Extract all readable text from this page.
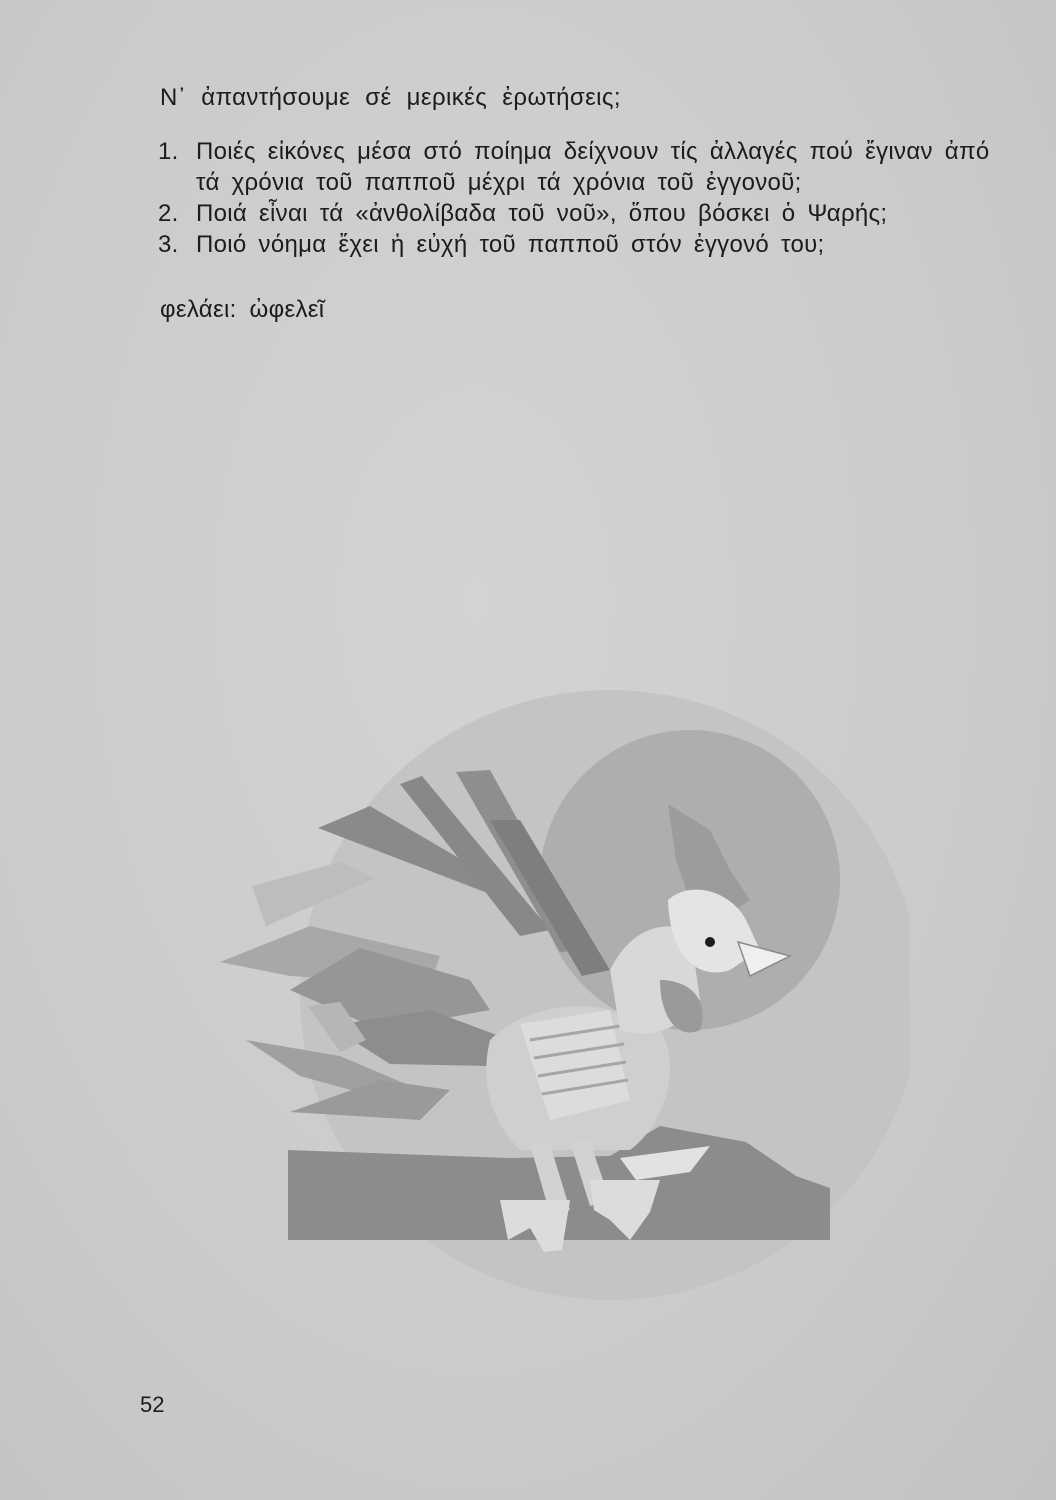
Ν᾽ ἀπαντήσουμε σέ μερικές ἐρωτήσεις;
1. Ποιές εἰκόνες μέσα στό ποίημα δείχνουν τίς ἀλλαγές πού ἔγιναν ἀπό τά χρόνια τοῦ παπποῦ μέχρι τά χρόνια τοῦ ἐγγονοῦ;
2. Ποιά εἶναι τά «ἀνθολίβαδα τοῦ νοῦ», ὅπου βόσκει ὁ Ψαρής;
3. Ποιό νόημα ἔχει ἡ εὐχή τοῦ παπποῦ στόν ἐγγονό του;
φελάει: ὠφελεῖ
52
